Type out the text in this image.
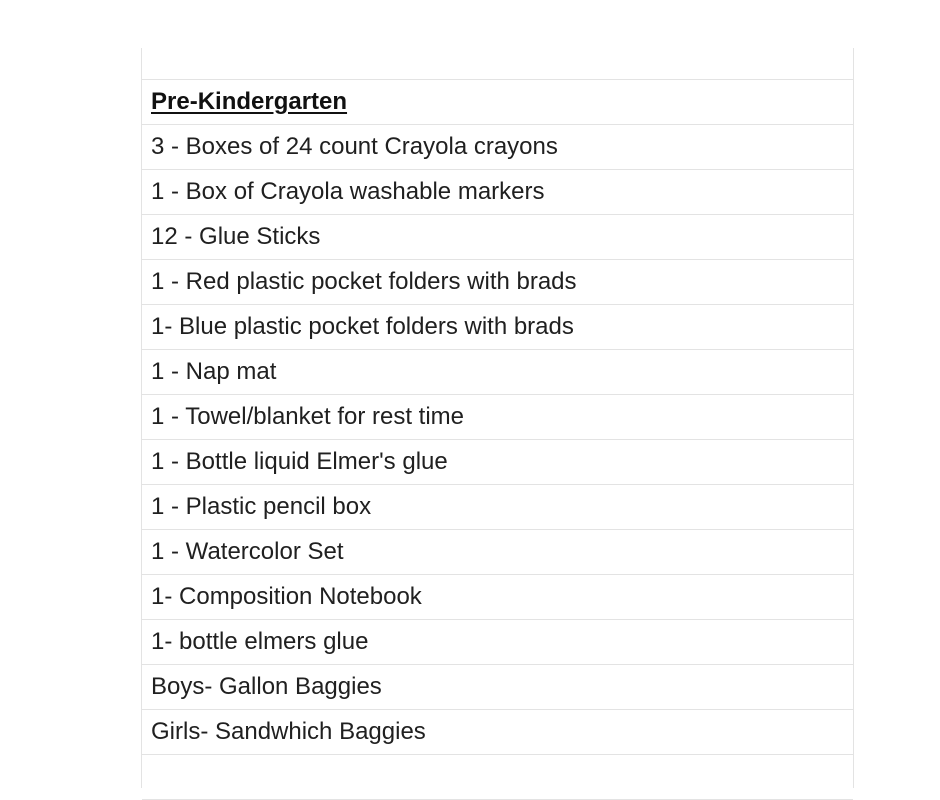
Pre-Kindergarten
3 - Boxes of 24 count Crayola crayons
1 - Box of Crayola washable markers
12 - Glue Sticks
1 - Red plastic pocket folders with brads
1- Blue plastic pocket folders with brads
1 - Nap mat
1 - Towel/blanket for rest time
1 - Bottle liquid Elmer's glue
1 - Plastic pencil box
1 - Watercolor Set
1- Composition Notebook
1- bottle elmers glue
Boys- Gallon Baggies
Girls- Sandwhich Baggies
